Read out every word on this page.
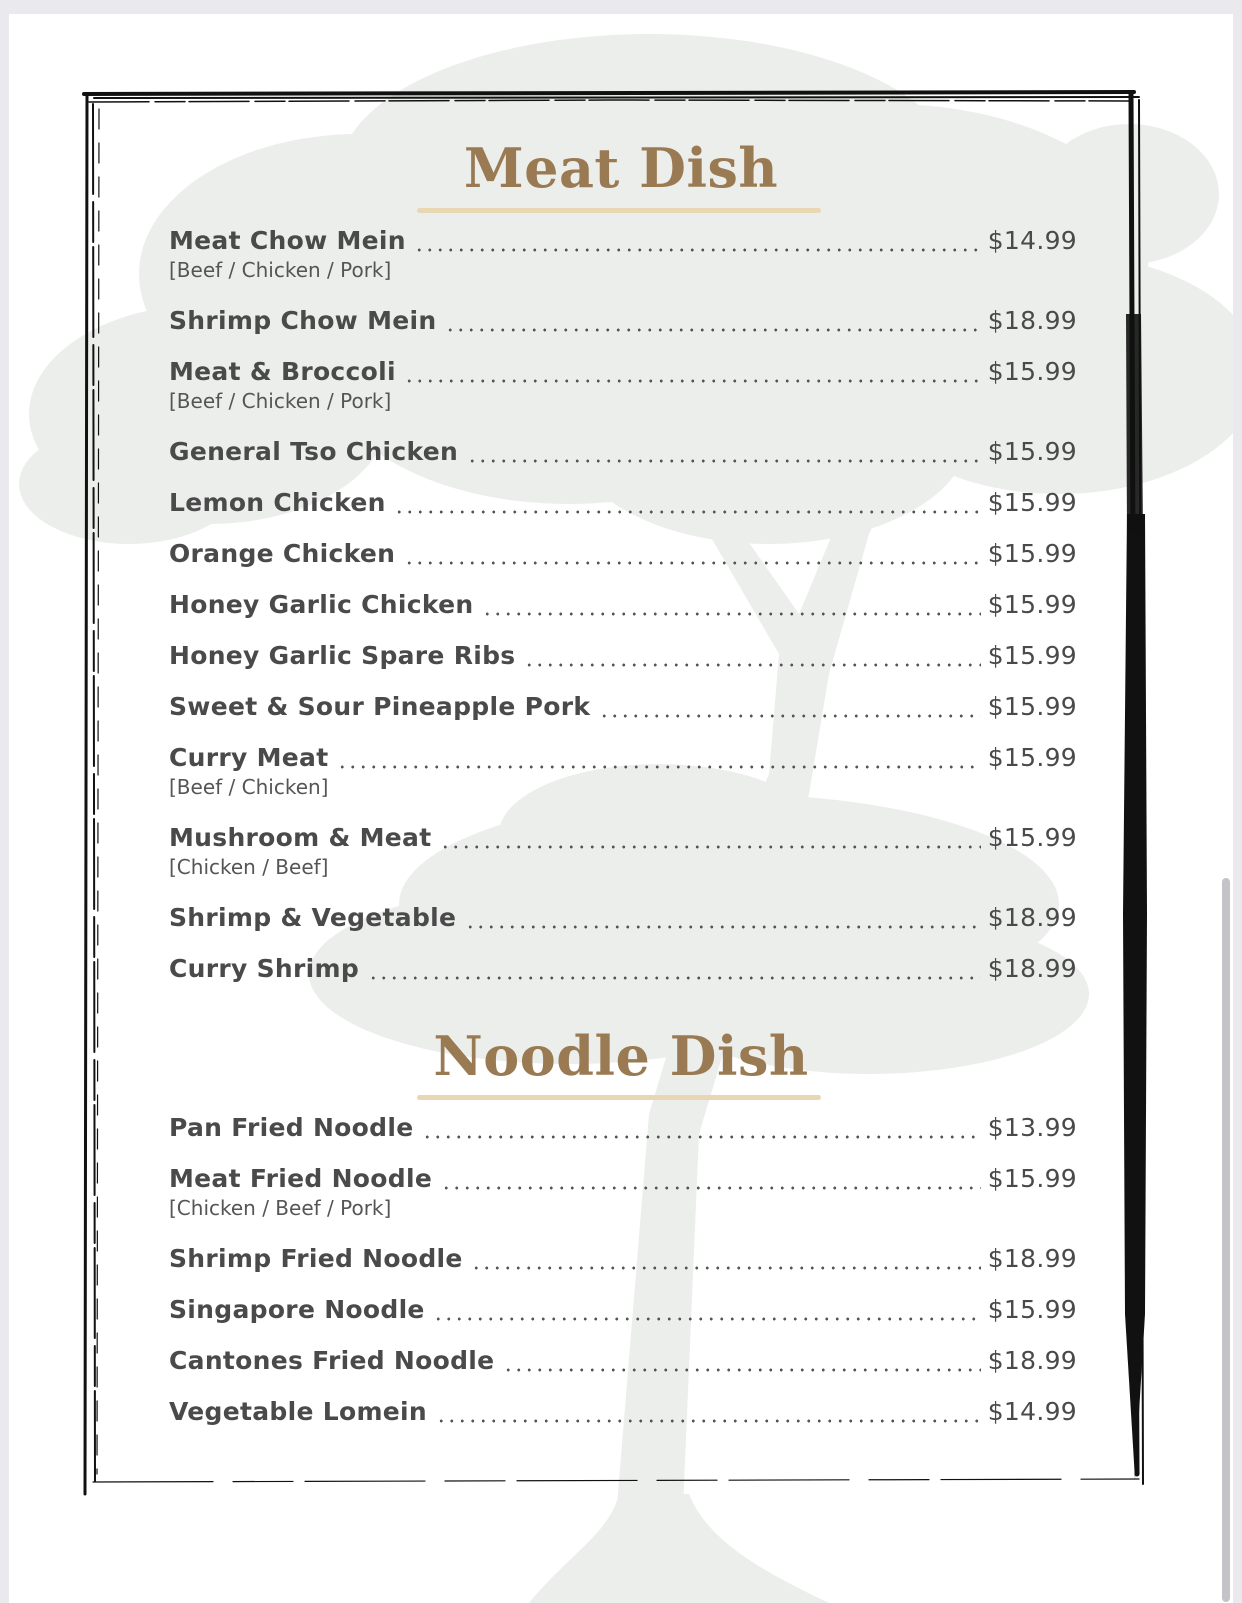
Meat Dish
Meat Chow Mein	$14.99
[Beef / Chicken / Pork]
Shrimp Chow Mein	$18.99
Meat & Broccoli	$15.99
[Beef / Chicken / Pork]
General Tso Chicken	$15.99
Lemon Chicken	$15.99
Orange Chicken	$15.99
Honey Garlic Chicken	$15.99
Honey Garlic Spare Ribs	$15.99
Sweet & Sour Pineapple Pork	$15.99
Curry Meat	$15.99
[Beef / Chicken]
Mushroom & Meat	$15.99
[Chicken / Beef]
Shrimp & Vegetable	$18.99
Curry Shrimp	$18.99
Noodle Dish
Pan Fried Noodle	$13.99
Meat Fried Noodle	$15.99
[Chicken / Beef / Pork]
Shrimp Fried Noodle	$18.99
Singapore Noodle	$15.99
Cantones Fried Noodle	$18.99
Vegetable Lomein	$14.99
